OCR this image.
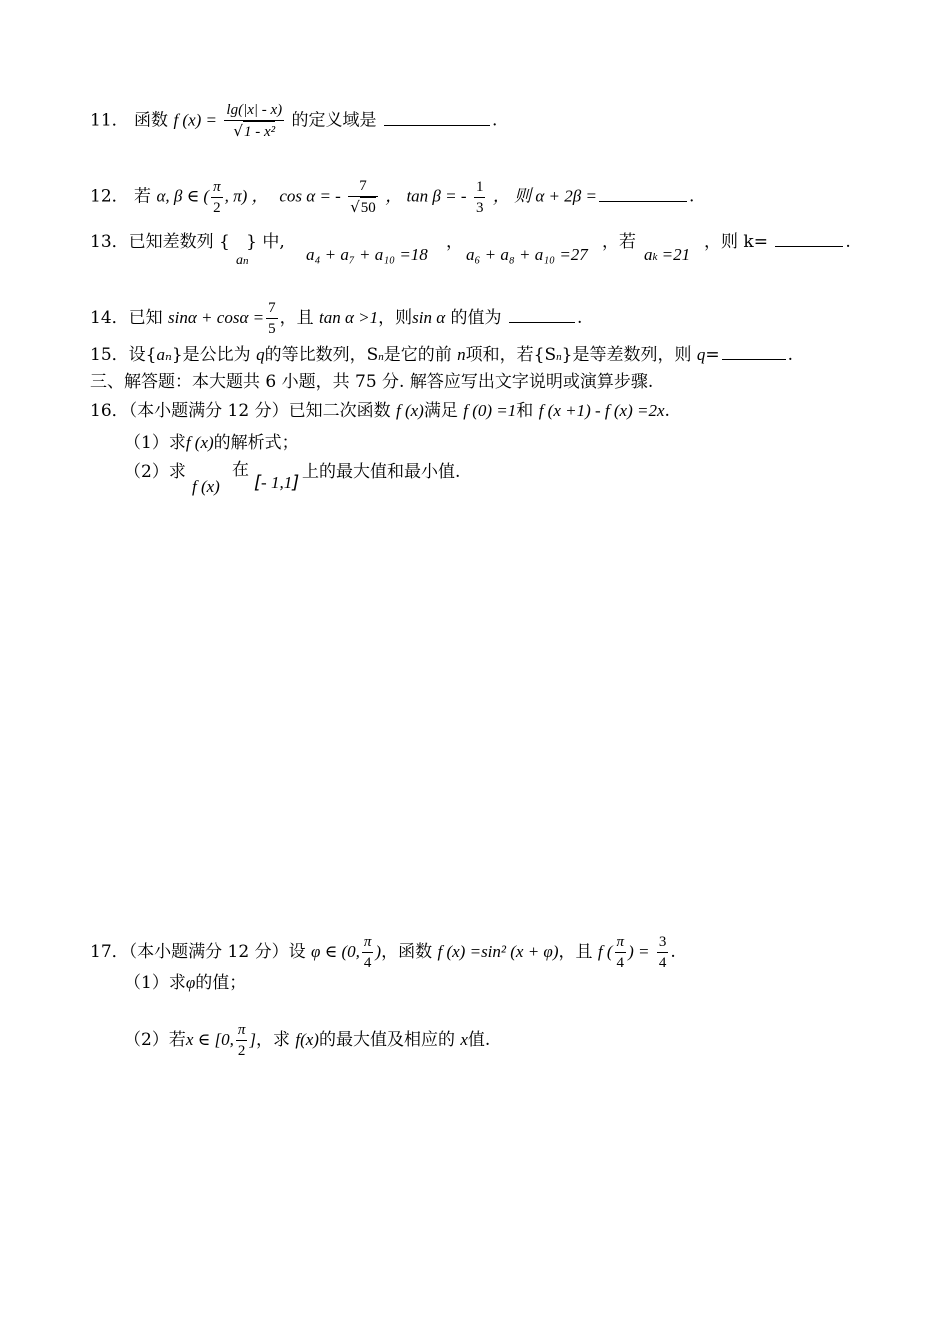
11． 函数 f $(x) = \frac{\lg(|x| - x)}{\text{√1 - x²}}$ 的定义域是	.
12． 若 α, β ∈ ( $\frac{\pi}{2}$ , π) ， cos α = - $\frac{7}{√50}$ ， tan β = - $\frac{1}{3}$ ， 则 α + 2β =	.
13．已知差数列 { } 中,
an	a₄ + a₇ + a₁₀ =18
，
a₆ + a₈ + a₁₀ =27
，若
ak =21
，则 k=	.
14．已知 $\sin\alpha + \cos\alpha = \frac{7}{5}$ ，且 tan α >1，则sin α 的值为	.
15．设{aₙ}是公比为 q的等比数列，Sn是它的前 n项和，若{Sn}是等差数列，则 q=	.
三、解答题：本大题共 6 小题，共 75 分. 解答应写出文字说明或演算步骤.
16．（本小题满分 12 分）已知二次函数 f (x)满足 f (0) =1和 f (x +1) - f (x) =2x.
（1）求f (x)的解析式；
（2）求
f (x)
在
[- 1,1] 上的最大值和最小值.
17．（本小题满分 12 分）设 φ ∈ (0, $\frac{\pi}{4}$ )，函数 f (x) =sin² (x + φ)，且 f ( $\frac{\pi}{4}$ ) = $\frac{3}{4}$ .
（1）求φ的值；
（2）若x ∈ [0, $\frac{\pi}{2}$ ]，求 f(x)的最大值及相应的 x值.
